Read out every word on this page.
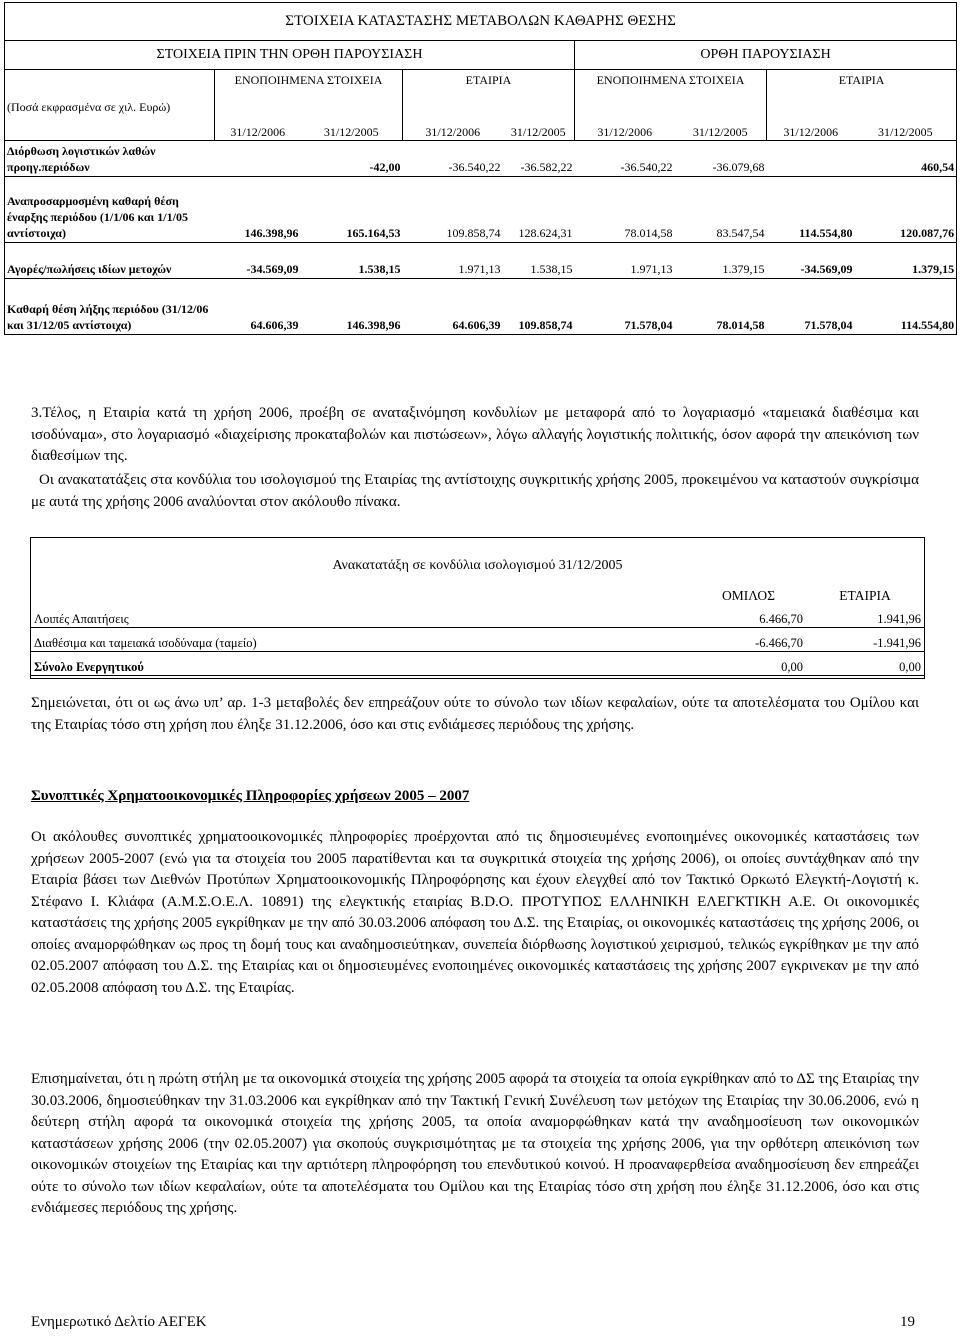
ΣΤΟΙΧΕΙΑ ΚΑΤΑΣΤΑΣΗΣ ΜΕΤΑΒΟΛΩΝ ΚΑΘΑΡΗΣ ΘΕΣΗΣ								
ΣΤΟΙΧΕΙΑ ΠΡΙΝ ΤΗΝ ΟΡΘΗ ΠΑΡΟΥΣΙΑΣΗ					ΟΡΘΗ ΠΑΡΟΥΣΙΑΣΗ			
(Ποσά εκφρασμένα σε χιλ. Ευρώ)	ΕΝΟΠΟΙΗΜΕΝΑ ΣΤΟΙΧΕΙΑ		ΕΤΑΙΡΙΑ		ΕΝΟΠΟΙΗΜΕΝΑ ΣΤΟΙΧΕΙΑ		ΕΤΑΙΡΙΑ	
	31/12/2006	31/12/2005	31/12/2006	31/12/2005	31/12/2006	31/12/2005	31/12/2006	31/12/2005
Διόρθωση λογιστικών λαθών προηγ.περιόδων		-42,00	-36.540,22	-36.582,22	-36.540,22	-36.079,68		460,54
Αναπροσαρμοσμένη καθαρή θέση έναρξης περιόδου (1/1/06 και 1/1/05 αντίστοιχα)	146.398,96	165.164,53	109.858,74	128.624,31	78.014,58	83.547,54	114.554,80	120.087,76
Αγορές/πωλήσεις ιδίων μετοχών	-34.569,09	1.538,15	1.971,13	1.538,15	1.971,13	1.379,15	-34.569,09	1.379,15
Καθαρή θέση λήξης περιόδου (31/12/06 και 31/12/05 αντίστοιχα)	64.606,39	146.398,96	64.606,39	109.858,74	71.578,04	78.014,58	71.578,04	114.554,80

3.Τέλος, η Εταιρία κατά τη χρήση 2006, προέβη σε αναταξινόμηση κονδυλίων με μεταφορά από το λογαριασμό «ταμειακά διαθέσιμα και ισοδύναμα», στο λογαριασμό «διαχείρισης προκαταβολών και πιστώσεων», λόγω αλλαγής λογιστικής πολιτικής, όσον αφορά την απεικόνιση των διαθεσίμων της.

Οι ανακατατάξεις στα κονδύλια του ισολογισμού της Εταιρίας της αντίστοιχης συγκριτικής χρήσης 2005, προκειμένου να καταστούν συγκρίσιμα με αυτά της χρήσης 2006 αναλύονται στον ακόλουθο πίνακα.

Ανακατατάξη σε κονδύλια ισολογισμού 31/12/2005		
	ΟΜΙΛΟΣ	ΕΤΑΙΡΙΑ
Λοιπές Απαιτήσεις	6.466,70	1.941,96
Διαθέσιμα και ταμειακά ισοδύναμα (ταμείο)	-6.466,70	-1.941,96
Σύνολο Ενεργητικού	0,00	0,00

Σημειώνεται, ότι οι ως άνω υπ’ αρ. 1-3 μεταβολές δεν επηρεάζουν ούτε το σύνολο των ιδίων κεφαλαίων, ούτε τα αποτελέσματα του Ομίλου και της Εταιρίας τόσο στη χρήση που έληξε 31.12.2006, όσο και στις ενδιάμεσες περιόδους της χρήσης.

Συνοπτικές Χρηματοοικονομικές Πληροφορίες χρήσεων 2005 – 2007

Οι ακόλουθες συνοπτικές χρηματοοικονομικές πληροφορίες προέρχονται από τις δημοσιευμένες ενοποιημένες οικονομικές καταστάσεις των χρήσεων 2005-2007 (ενώ για τα στοιχεία του 2005 παρατίθενται και τα συγκριτικά στοιχεία της χρήσης 2006), οι οποίες συντάχθηκαν από την Εταιρία βάσει των Διεθνών Προτύπων Χρηματοοικονομικής Πληροφόρησης και έχουν ελεγχθεί από τον Τακτικό Ορκωτό Ελεγκτή-Λογιστή κ. Στέφανο Ι. Κλιάφα (Α.Μ.Σ.Ο.Ε.Λ. 10891) της ελεγκτικής εταιρίας B.D.O. ΠΡΟΤΥΠΟΣ ΕΛΛΗΝΙΚΗ ΕΛΕΓΚΤΙΚΗ Α.Ε. Οι οικονομικές καταστάσεις της χρήσης 2005 εγκρίθηκαν με την από 30.03.2006 απόφαση του Δ.Σ. της Εταιρίας, οι οικονομικές καταστάσεις της χρήσης 2006, οι οποίες αναμορφώθηκαν ως προς τη δομή τους και αναδημοσιεύτηκαν, συνεπεία διόρθωσης λογιστικού χειρισμού, τελικώς εγκρίθηκαν με την από 02.05.2007 απόφαση του Δ.Σ. της Εταιρίας και οι δημοσιευμένες ενοποιημένες οικονομικές καταστάσεις της χρήσης 2007 εγκρινεκαν με την από 02.05.2008 απόφαση του Δ.Σ. της Εταιρίας.

Επισημαίνεται, ότι η πρώτη στήλη με τα οικονομικά στοιχεία της χρήσης 2005 αφορά τα στοιχεία τα οποία εγκρίθηκαν από το ΔΣ της Εταιρίας την 30.03.2006, δημοσιεύθηκαν την 31.03.2006 και εγκρίθηκαν από την Τακτική Γενική Συνέλευση των μετόχων της Εταιρίας την 30.06.2006, ενώ η δεύτερη στήλη αφορά τα οικονομικά στοιχεία της χρήσης 2005, τα οποία αναμορφώθηκαν κατά την αναδημοσίευση των οικονομικών καταστάσεων χρήσης 2006 (την 02.05.2007) για σκοπούς συγκρισιμότητας με τα στοιχεία της χρήσης 2006, για την ορθότερη απεικόνιση των οικονομικών στοιχείων της Εταιρίας και την αρτιότερη πληροφόρηση του επενδυτικού κοινού. Η προαναφερθείσα αναδημοσίευση δεν επηρεάζει ούτε το σύνολο των ιδίων κεφαλαίων, ούτε τα αποτελέσματα του Ομίλου και της Εταιρίας τόσο στη χρήση που έληξε 31.12.2006, όσο και στις ενδιάμεσες περιόδους της χρήσης.

Ενημερωτικό Δελτίο ΑΕΓΕΚ	19
